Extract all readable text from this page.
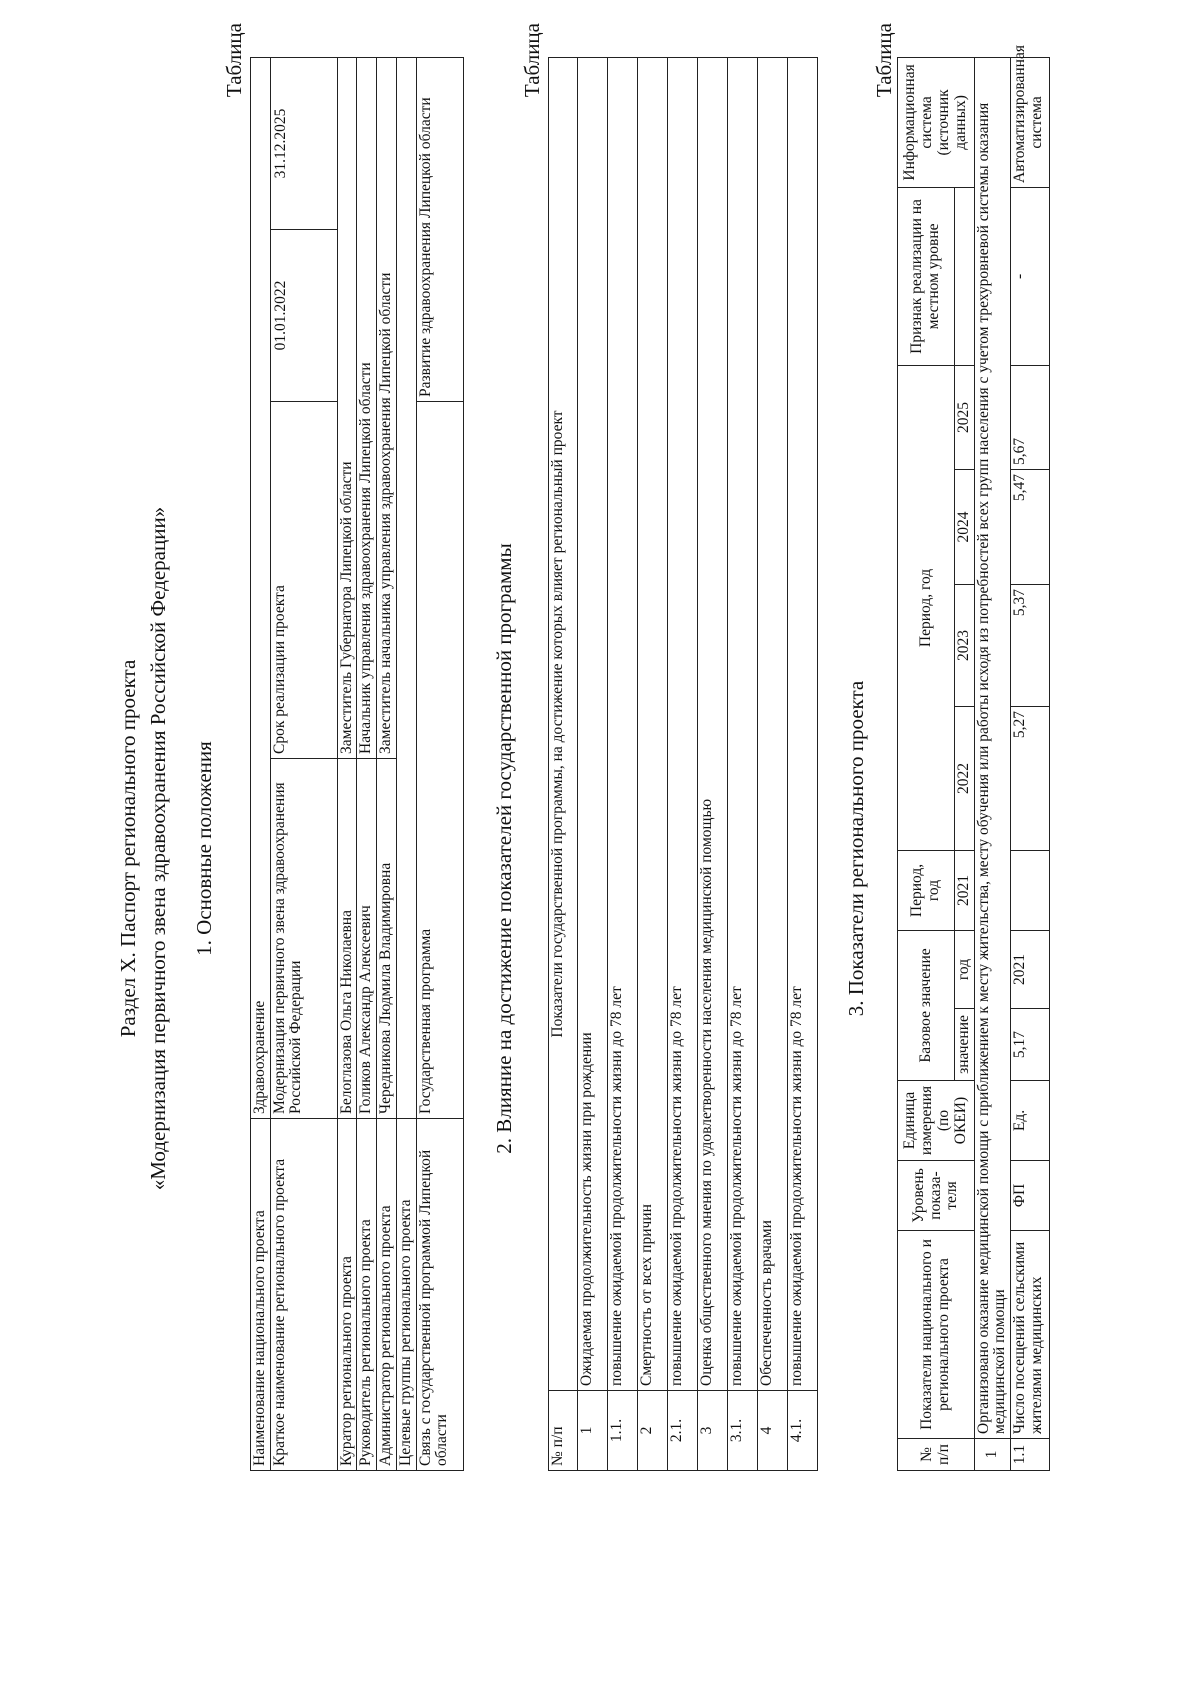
Раздел X. Паспорт регионального проекта «Модернизация первичного звена здравоохранения Российской Федерации» 1. Основные положения
Таблица
Наименование национального проекта	Здравоохранение		
Краткое наименование регионального проекта	Модернизация первичного звена здравоохранения Российской Федерации	Срок реализации проекта	01.01.2022
31.12.2025

Куратор регионального проекта	Белоглазова Ольга Николаевна	Заместитель Губернатора Липецкой области	
Руководитель регионального проекта	Голиков Александр Алексеевич	Начальник управления здравоохранения Липецкой области	
Администратор регионального проекта	Чередникова Людмила Владимировна	Заместитель начальника управления здравоохранения Липецкой области	
Целевые группы регионального проекта			
Связь с государственной программой Липецкой области	Государственная программа		Развитие здравоохранения Липецкой области
2. Влияние на достижение показателей государственной программы
Таблица
№ п/п	Показатели государственной программы, на достижение которых влияет региональный проект
1	Ожидаемая продолжительность жизни при рождении
1.1.	повышение ожидаемой продолжительности жизни до 78 лет
2	Смертность от всех причин
2.1.	повышение ожидаемой продолжительности жизни до 78 лет
3	Оценка общественного мнения по удовлетворенности населения медицинской помощью
3.1.	повышение ожидаемой продолжительности жизни до 78 лет
4	Обеспеченность врачами
4.1.	повышение ожидаемой продолжительности жизни до 78 лет
3. Показатели регионального проекта
Таблица
№ п/п	Показатели национального и регионального проекта	Уровень показа- теля	Единица измерения (по ОКЕИ)	Базовое значение		Период, год	Период, год				Признак реализации на местном уровне	Информационная система (источник данных)
				значение	год	2021	2022	2023	2024	2025		
1	Организовано оказание медицинской помощи с приближением к месту жительства, месту обучения или работы исходя из потребностей всех групп населения с учетом трехуровневой системы оказания медицинской помощи											
1.1	Число посещений сельскими жителями медицинских	ФП	Ед.	5,17	2021		5,27	5,37	5,47	5,67	-	Автоматизированная система
